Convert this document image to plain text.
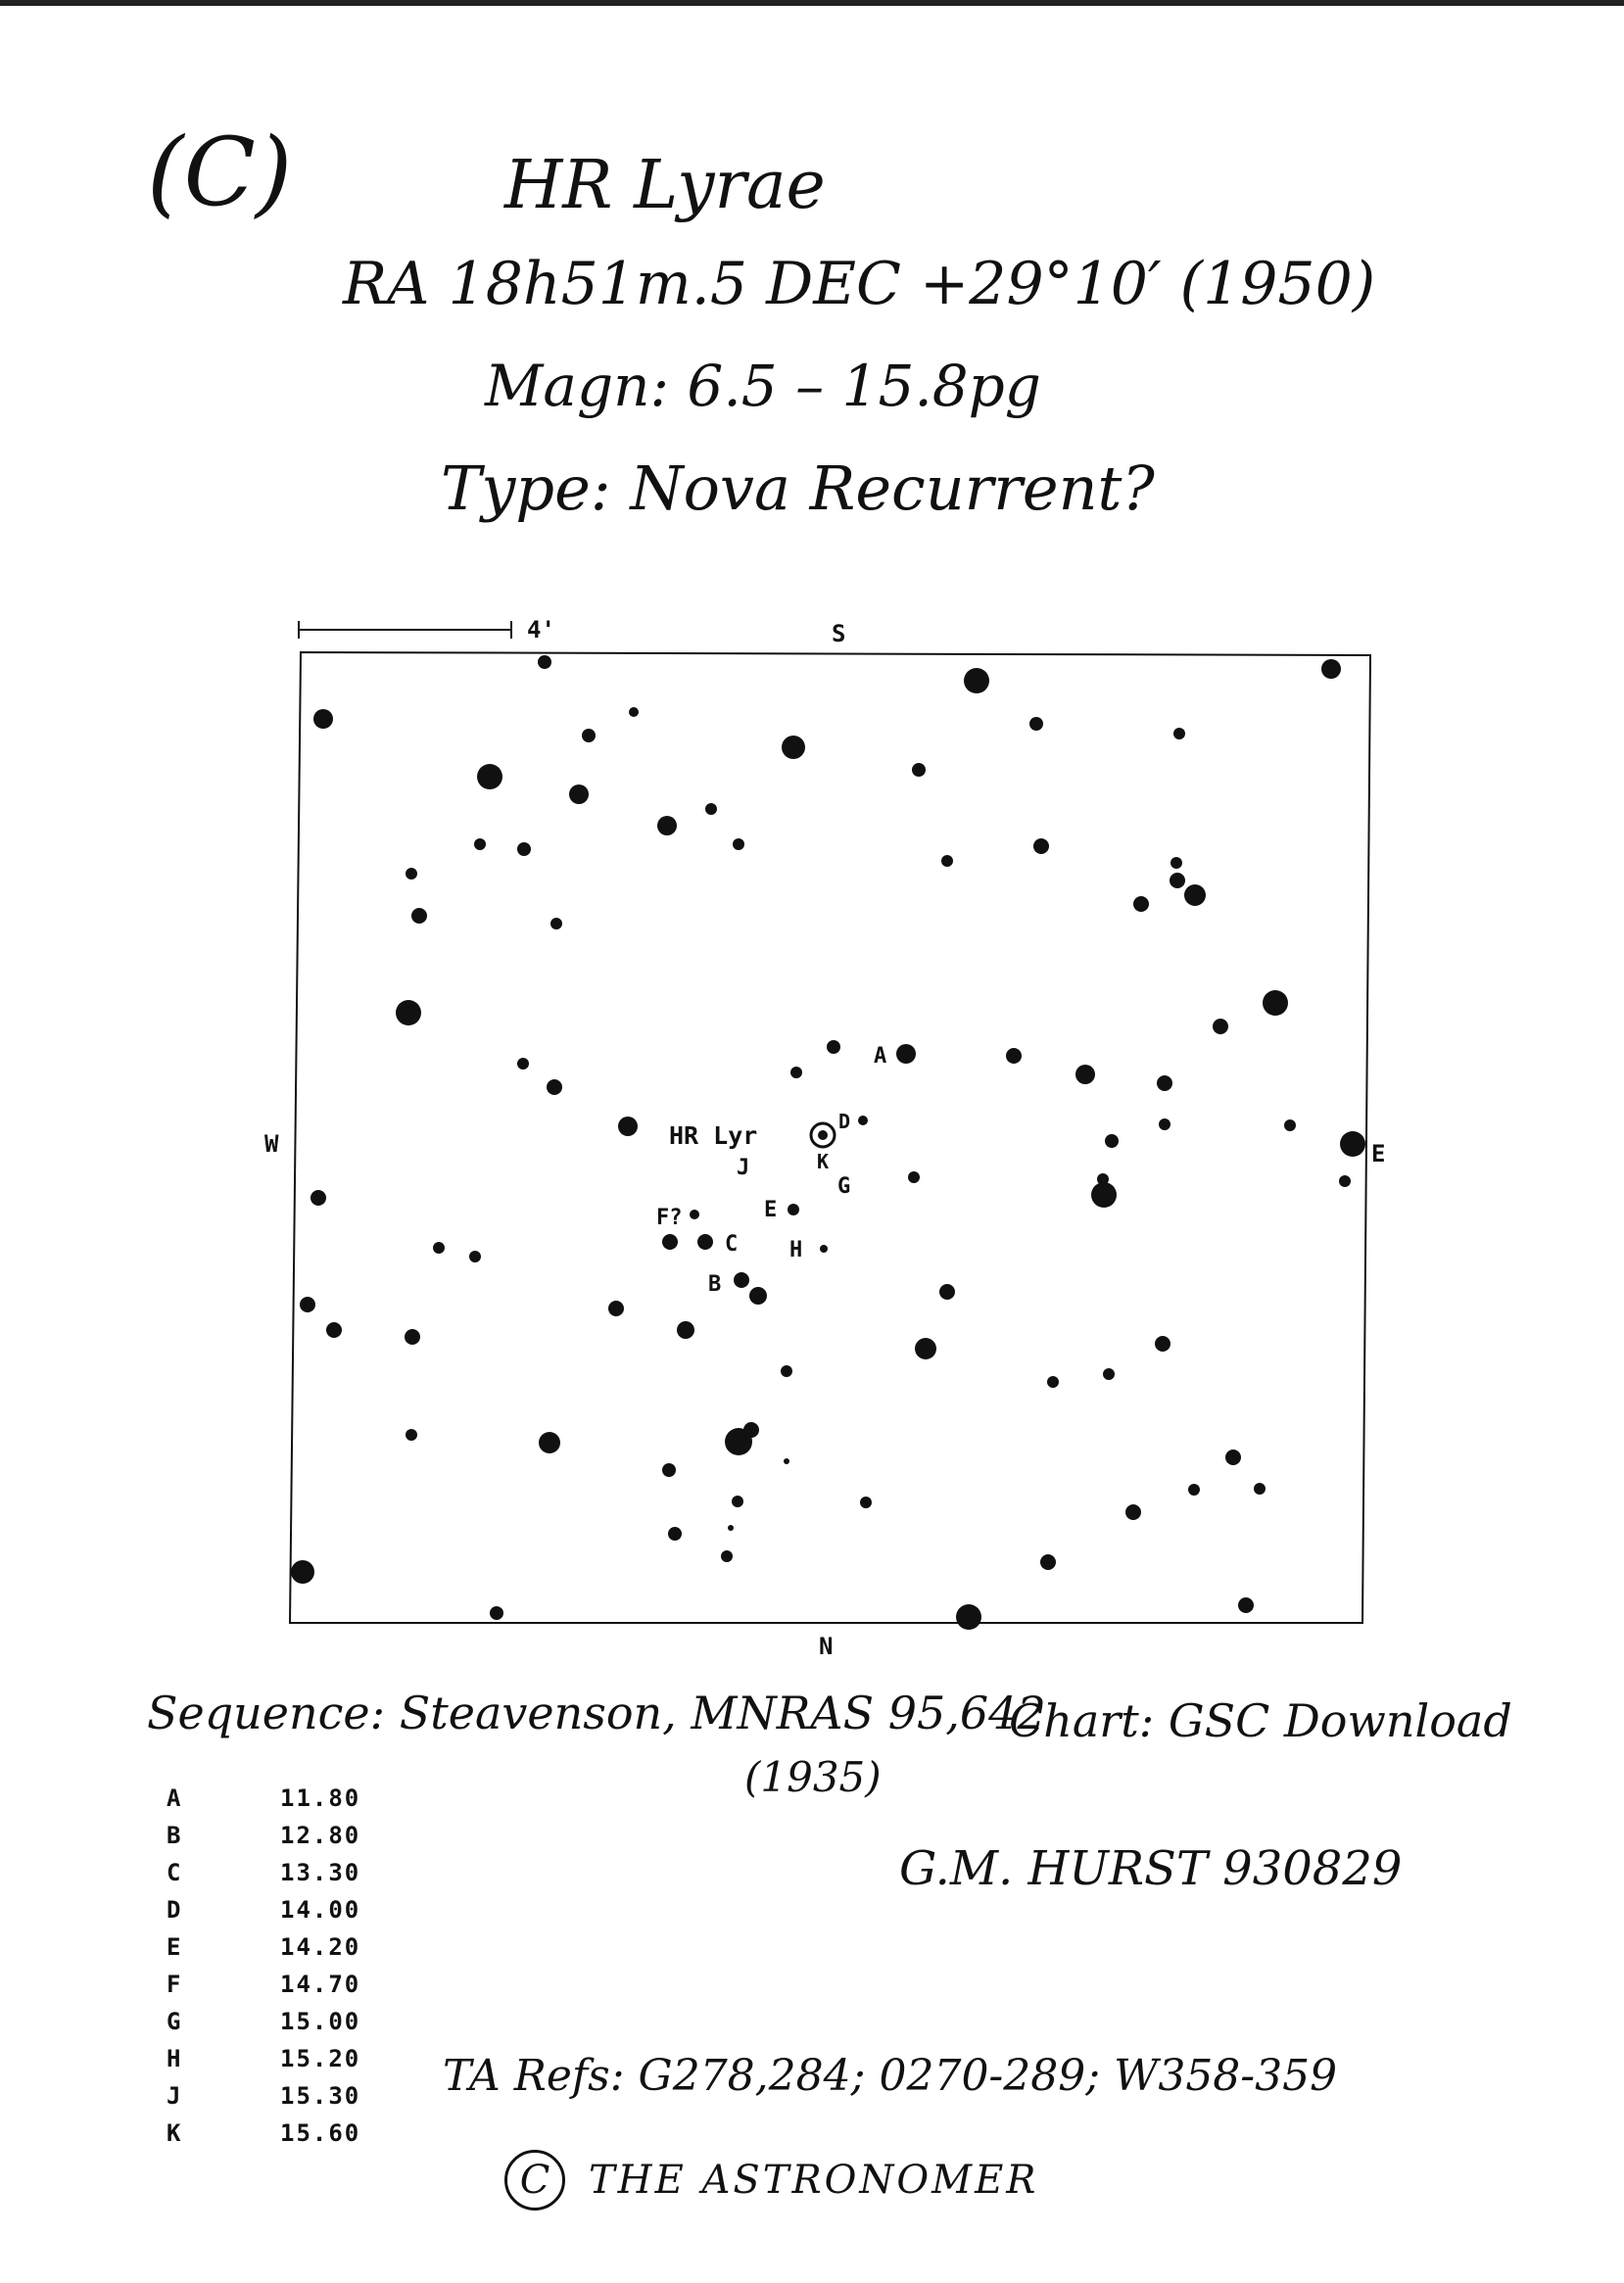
(C)	HR Lyrae
RA 18h51m.5 DEC +29°10′ (1950)
Magn: 6.5 – 15.8pg
Type: Nova Recurrent?
4'	S
N
W	E
HR Lyr
A
B
C
D
E
F?
G
H
J	K
Sequence: Steavenson, MNRAS 95,642
(1935)
Chart: GSC Download
G.M. HURST 930829
TA Refs: G278,284; 0270-289; W358-359
A	11.80
B	12.80
C	13.30
D	14.00
E	14.20
F	14.70
G	15.00
H	15.20
J	15.30
K	15.60
C THE ASTRONOMER
